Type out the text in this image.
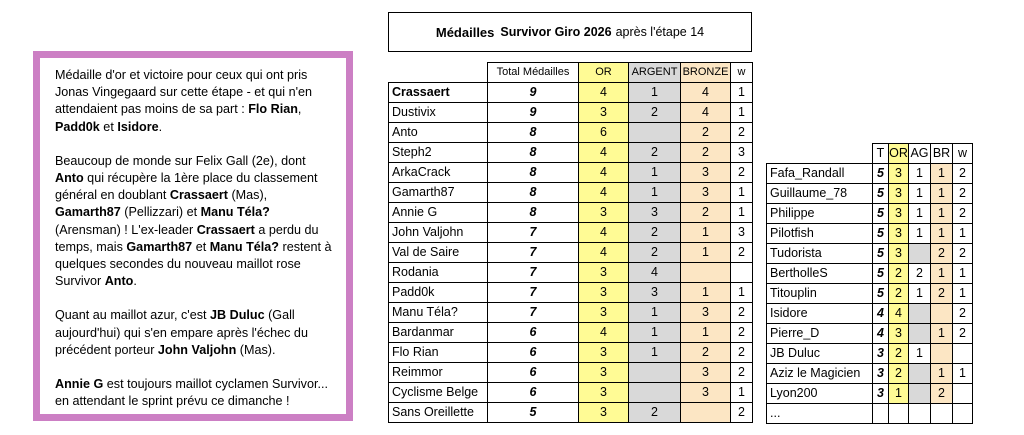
Médaille d'or et victoire pour ceux qui ont pris Jonas Vingegaard sur cette étape - et qui n'en attendaient pas moins de sa part : Flo Rian, Padd0k et Isidore.

Beaucoup de monde sur Felix Gall (2e), dont Anto qui récupère la 1ère place du classement général en doublant Crassaert (Mas), Gamarth87 (Pellizzari) et Manu Téla? (Arensman) ! L'ex-leader Crassaert a perdu du temps, mais Gamarth87 et Manu Téla? restent à quelques secondes du nouveau maillot rose Survivor Anto.

Quant au maillot azur, c'est JB Duluc (Gall aujourd'hui) qui s'en empare après l'échec du précédent porteur John Valjohn (Mas).

Annie G est toujours maillot cyclamen Survivor... en attendant le sprint prévu ce dimanche !

Médailles Survivor Giro 2026 après l'étape 14
	Total Médailles	OR	ARGENT	BRONZE	w
Crassaert	9	4	1	4	1
Dustivix	9	3	2	4	1
Anto	8	6		2	2
Steph2	8	4	2	2	3
ArkaCrack	8	4	1	3	2
Gamarth87	8	4	1	3	1
Annie G	8	3	3	2	1
John Valjohn	7	4	2	1	3
Val de Saire	7	4	2	1	2
Rodania	7	3	4		
Padd0k	7	3	3	1	1
Manu Téla?	7	3	1	3	2
Bardanmar	6	4	1	1	2
Flo Rian	6	3	1	2	2
Reimmor	6	3		3	2
Cyclisme Belge	6	3		3	1
Sans Oreillette	5	3	2		2
	T	OR	AG	BR	w
Fafa_Randall	5	3	1	1	2
Guillaume_78	5	3	1	1	2
Philippe	5	3	1	1	2
Pilotfish	5	3	1	1	1
Tudorista	5	3		2	2
BertholleS	5	2	2	1	1
Titouplin	5	2	1	2	1
Isidore	4	4			2
Pierre_D	4	3		1	2
JB Duluc	3	2	1		
Aziz le Magicien	3	2		1	1
Lyon200	3	1		2	
...					
